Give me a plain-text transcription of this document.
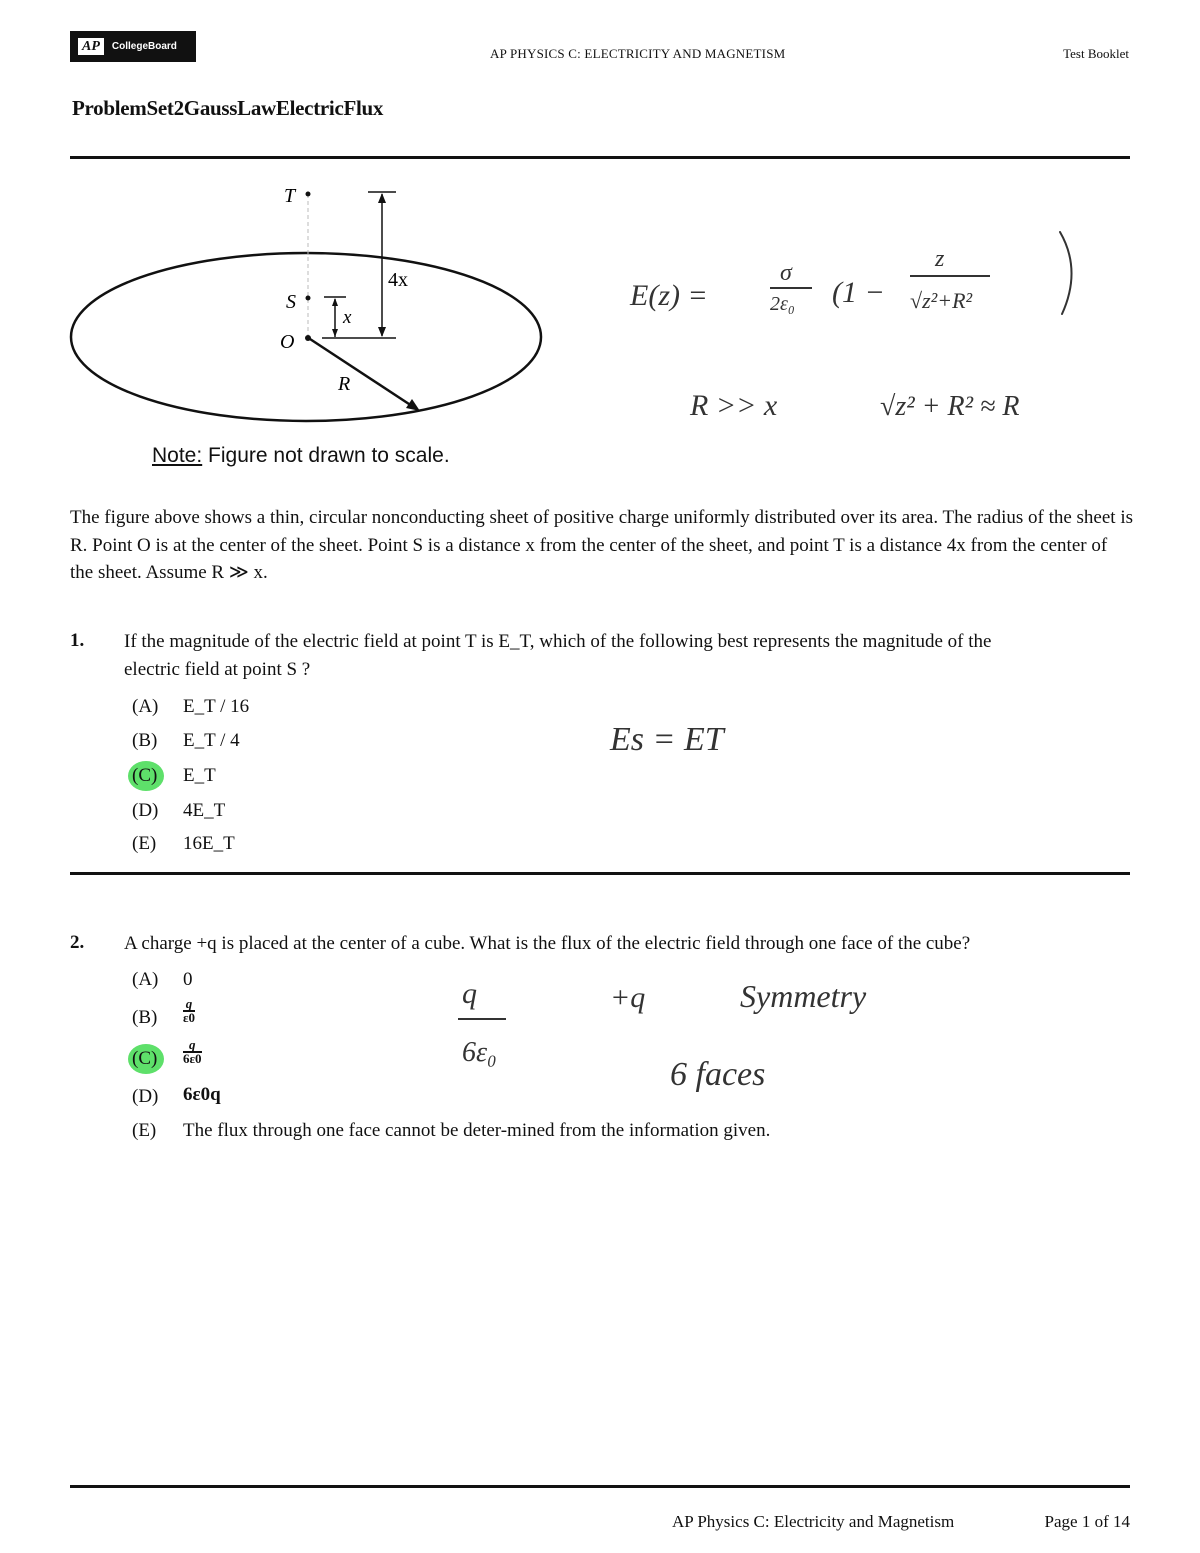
AP	CollegeBoard	AP PHYSICS C: ELECTRICITY AND MAGNETISM	Test Booklet
ProblemSet2GaussLawElectricFlux
T
S
O
R
4x
x
Note: Figure not drawn to scale.
E(z) =
σ
2ε₀ (1 −
z
√z²+R²
R >> x	√z² + R² ≈ R
The figure above shows a thin, circular nonconducting sheet of positive charge uniformly distributed over its area. The radius of the sheet is R. Point O is at the center of the sheet. Point S is a distance x from the center of the sheet, and point T is a distance 4x from the center of the sheet. Assume R ≫ x.
1. If the magnitude of the electric field at point T is E_T, which of the following best represents the magnitude of the
electric field at point S ?
(A) E_T / 16
(B) E_T / 4
(C) E_T
(D) 4E_T
(E) 16E_T
Es = ET
2. A charge +q is placed at the center of a cube. What is the flux of the electric field through one face of the cube?
(A) 0
$(B) \frac{q}{\varepsilon 0}$
$(C) \frac{q}{6\varepsilon 0}$
(D) 6ε0q
(E) The flux through one face cannot be deter-mined from the information given.
q
6ε₀
+q	Symmetry
6 faces
AP Physics C: Electricity and Magnetism	Page 1 of 14
